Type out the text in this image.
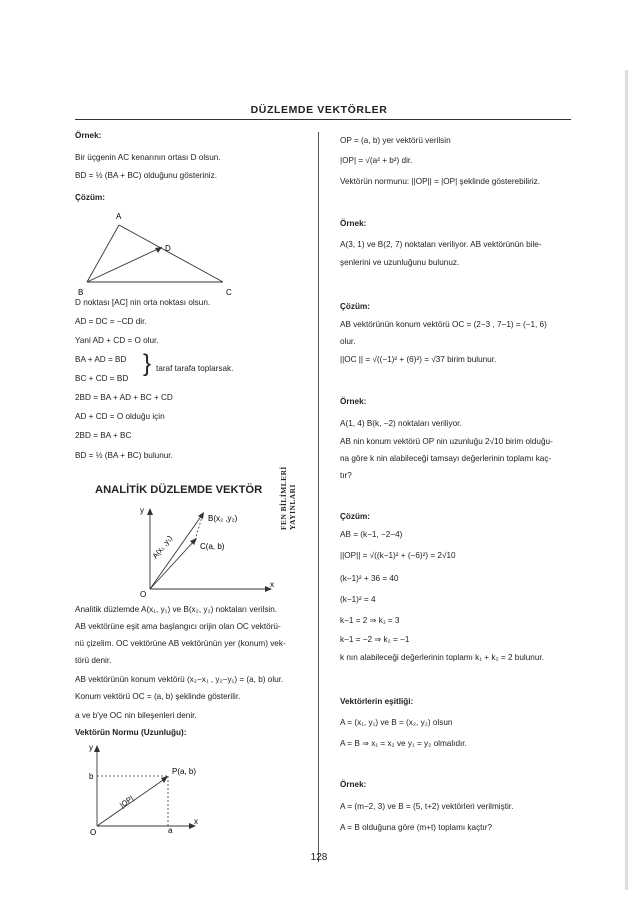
DÜZLEMDE VEKTÖRLER
FEN BİLİMLERİ YAYINLARI
Örnek:
Bir üçgenin AC kenarının ortası D olsun.
BD = ½ (BA + BC) olduğunu gösteriniz.
Çözüm:
A
B	C
D
D noktası [AC] nin orta noktası olsun.
AD = DC = −CD dir.
Yani AD + CD = O olur.
BA + AD = BD
BC + CD = BD
} taraf tarafa toplarsak.
2BD = BA + AD + BC + CD
AD + CD = O olduğu için
2BD = BA + BC
BD = ½ (BA + BC) bulunur.
ANALİTİK DÜZLEMDE VEKTÖR
y
x
O
B(x₂ ,y₂)
C(a, b)
A(x₁ ,y₁)
Analitik düzlemde A(x₁, y₁) ve B(x₂, y₂) noktaları verilsin.
AB vektörüne eşit ama başlangıcı orijin olan OC vektörü-
nü çizelim. OC vektörüne AB vektörünün yer (konum) vek-
törü denir.
AB vektörünün konum vektörü (x₂−x₁ , y₂−y₁) = (a, b) olur.
Konum vektörü OC = (a, b) şeklinde gösterilir.
a ve b'ye OC nin bileşenleri denir.
Vektörün Normu (Uzunluğu):
y
x
O	a
b
P(a, b)
|OP|
OP = (a, b) yer vektörü verilsin
|OP| = √(a² + b²) dir.
Vektörün normunu: ||OP|| = |OP| şeklinde gösterebiliriz.
Örnek:
A(3, 1) ve B(2, 7) noktaları veriliyor. AB vektörünün bile-
şenlerini ve uzunluğunu bulunuz.
Çözüm:
AB vektörünün konum vektörü OC = (2−3 , 7−1) = (−1, 6)
olur.
||OC || = √((−1)² + (6)²) = √37 birim bulunur.
Örnek:
A(1, 4) B(k, −2) noktaları veriliyor.
AB nin konum vektörü OP nin uzunluğu 2√10 birim olduğu-
na göre k nin alabileceği tamsayı değerlerinin toplamı kaç-
tır?
Çözüm:
AB = (k−1, −2−4)
||OP|| = √((k−1)² + (−6)²) = 2√10
(k−1)² + 36 = 40
(k−1)² = 4
k−1 = 2 ⇒ k₁ = 3
k−1 = −2 ⇒ k₂ = −1
k nın alabileceği değerlerinin toplamı k₁ + k₂ = 2 bulunur.
Vektörlerin eşitliği:
A = (x₁, y₁) ve B = (x₂, y₂) olsun
A = B ⇒ x₁ = x₂ ve y₁ = y₂ olmalıdır.
Örnek:
A = (m−2, 3) ve B = (5, t+2) vektörleri verilmiştir.
A = B olduğuna göre (m+t) toplamı kaçtır?
128
